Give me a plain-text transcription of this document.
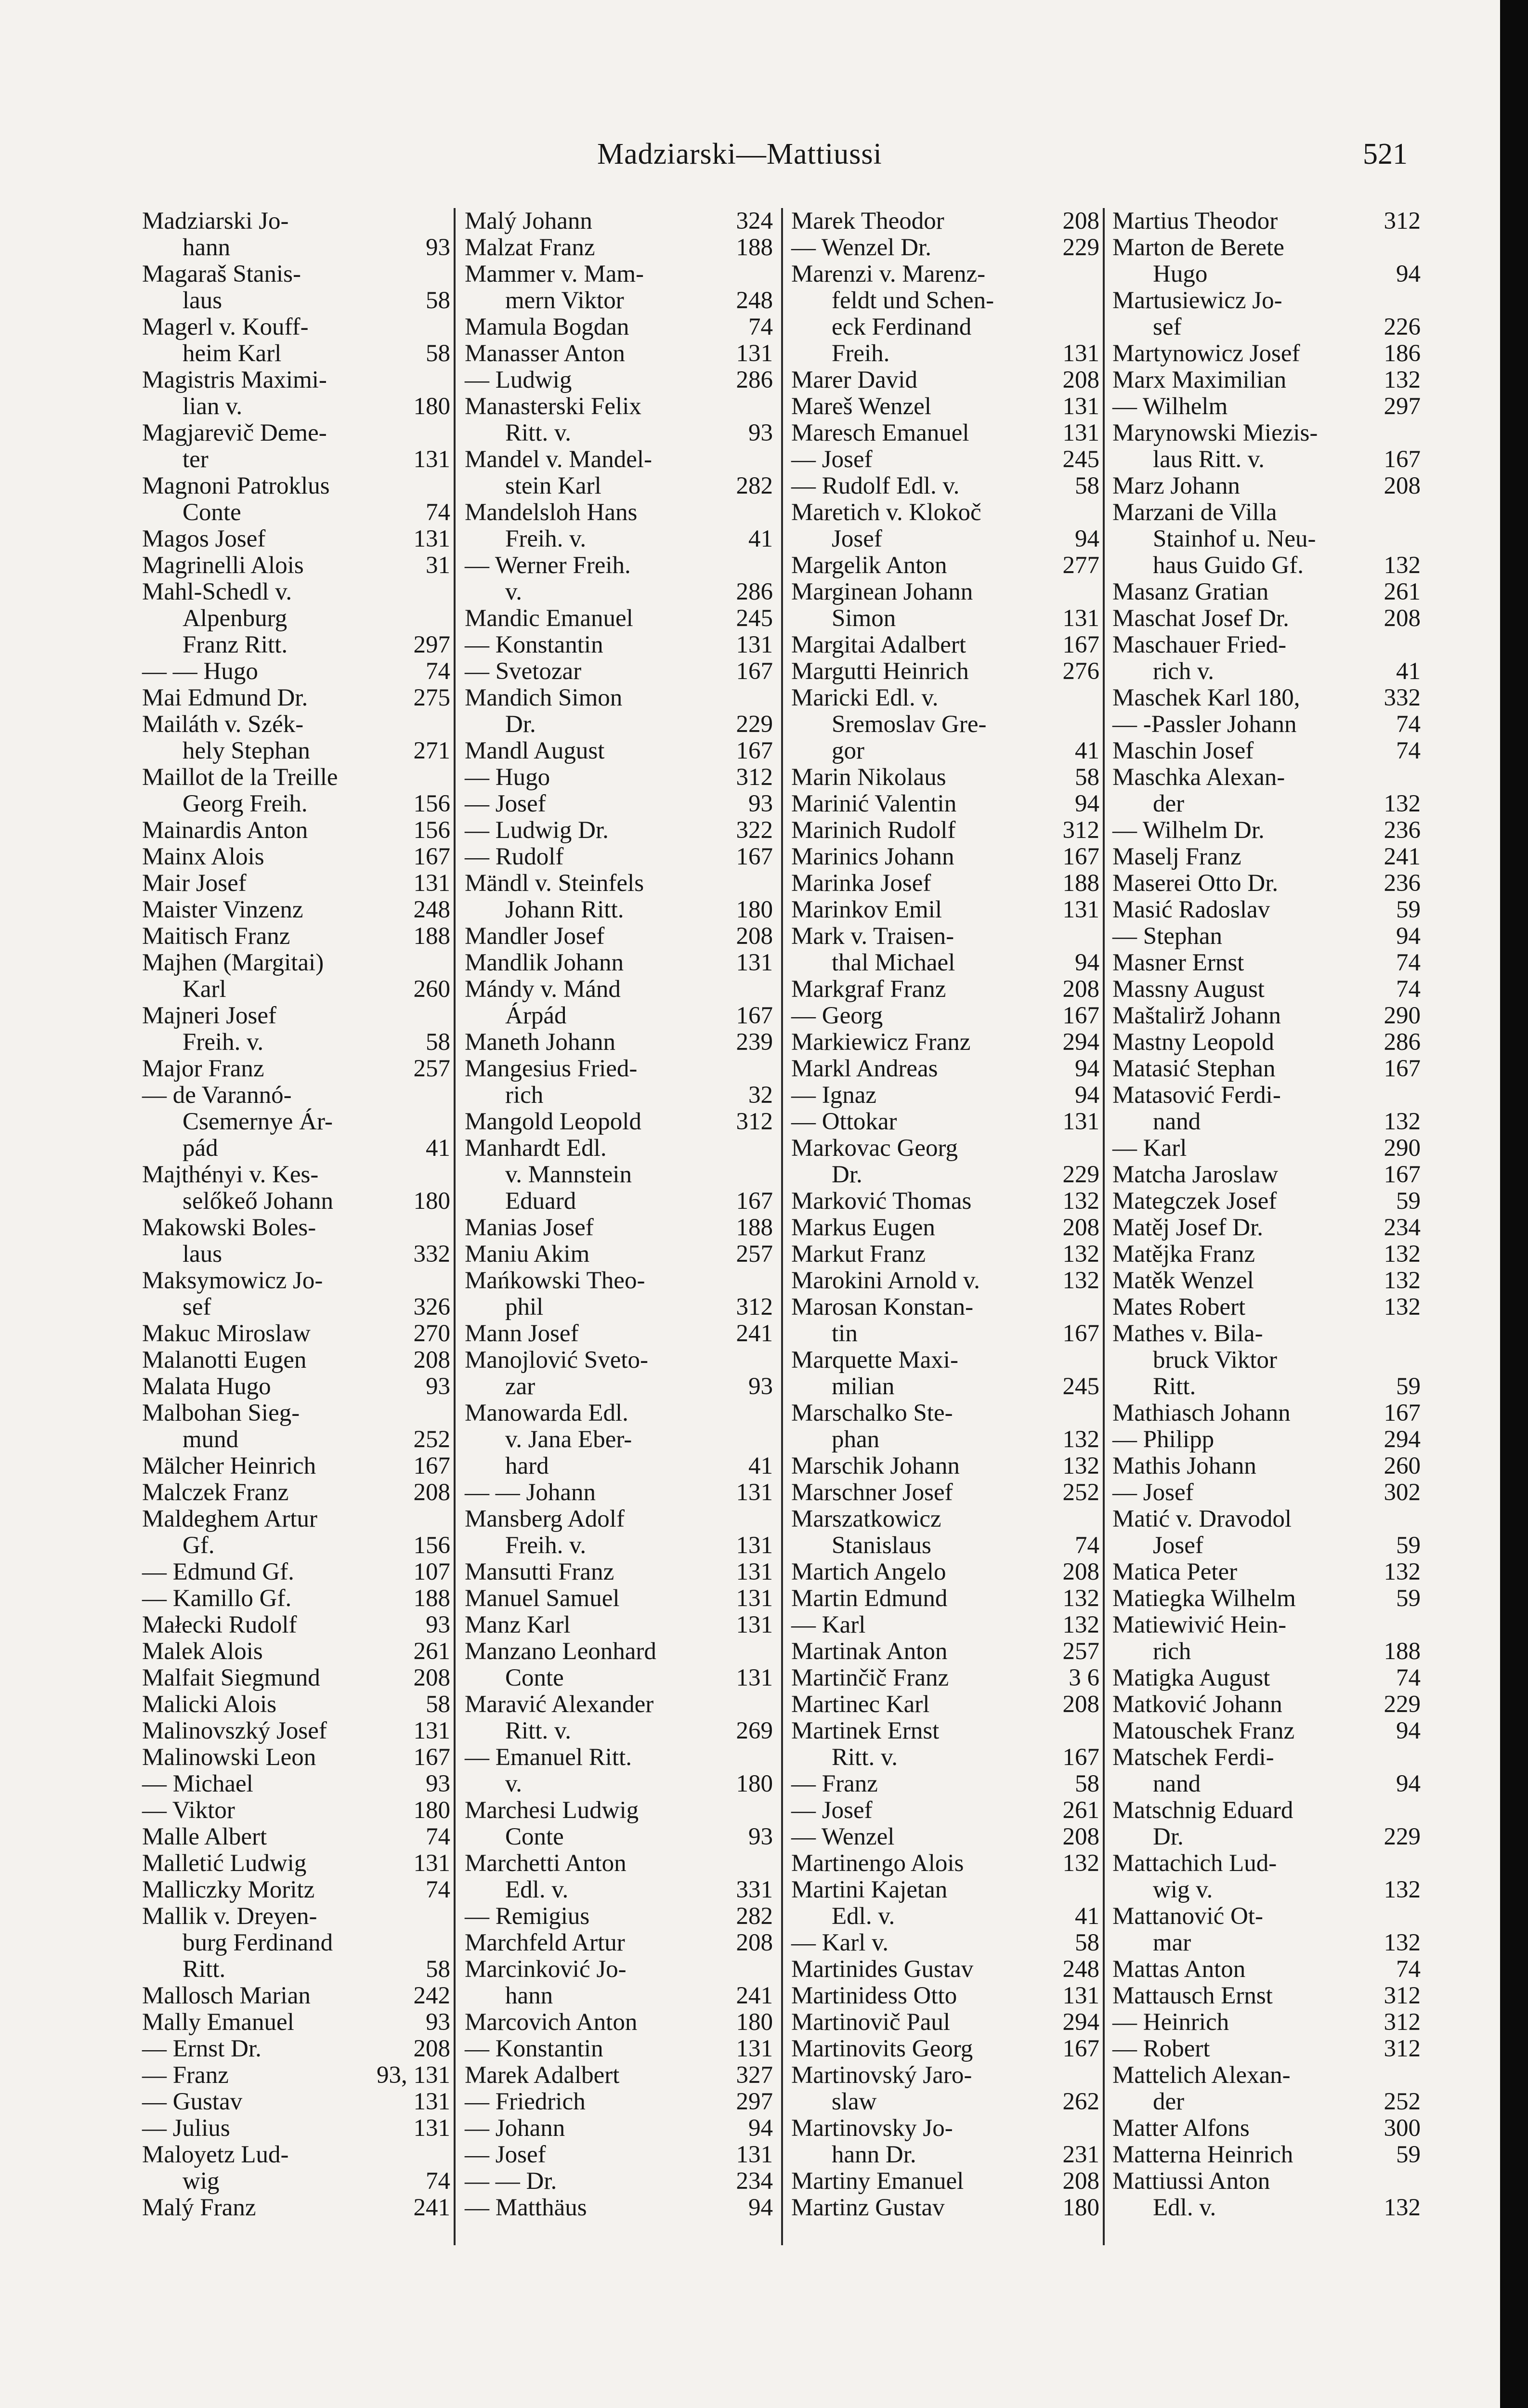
Madziarski—Mattiussi	521
Madziarski Jo-
hann	93
Magaraš Stanis-
laus	58
Magerl v. Kouff-
heim Karl	58
Magistris Maximi-
lian v.	180
Magjarevič Deme-
ter	131
Magnoni Patroklus
Conte	74
Magos Josef	131
Magrinelli Alois	31
Mahl-Schedl v.
Alpenburg
Franz Ritt.	297
— — Hugo	74
Mai Edmund Dr.	275
Mailáth v. Szék-
hely Stephan	271
Maillot de la Treille
Georg Freih.	156
Mainardis Anton	156
Mainx Alois	167
Mair Josef	131
Maister Vinzenz	248
Maitisch Franz	188
Majhen (Margitai)
Karl	260
Majneri Josef
Freih. v.	58
Major Franz	257
— de Varannó-
Csemernye Ár-
pád	41
Majthényi v. Kes-
selőkeő Johann	180
Makowski Boles-
laus	332
Maksymowicz Jo-
sef	326
Makuc Miroslaw	270
Malanotti Eugen	208
Malata Hugo	93
Malbohan Sieg-
mund	252
Mälcher Heinrich	167
Malczek Franz	208
Maldeghem Artur
Gf.	156
— Edmund Gf.	107
— Kamillo Gf.	188
Małecki Rudolf	93
Malek Alois	261
Malfait Siegmund	208
Malicki Alois	58
Malinovszký Josef	131
Malinowski Leon	167
— Michael	93
— Viktor	180
Malle Albert	74
Malletić Ludwig	131
Malliczky Moritz	74
Mallik v. Dreyen-
burg Ferdinand
Ritt.	58
Mallosch Marian	242
Mally Emanuel	93
— Ernst Dr.	208
— Franz	93, 131
— Gustav	131
— Julius	131
Maloyetz Lud-
wig	74
Malý Franz	241
Malý Johann	324
Malzat Franz	188
Mammer v. Mam-
mern Viktor	248
Mamula Bogdan	74
Manasser Anton	131
— Ludwig	286
Manasterski Felix
Ritt. v.	93
Mandel v. Mandel-
stein Karl	282
Mandelsloh Hans
Freih. v.	41
— Werner Freih.
v.	286
Mandic Emanuel	245
— Konstantin	131
— Svetozar	167
Mandich Simon
Dr.	229
Mandl August	167
— Hugo	312
— Josef	93
— Ludwig Dr.	322
— Rudolf	167
Mändl v. Steinfels
Johann Ritt.	180
Mandler Josef	208
Mandlik Johann	131
Mándy v. Mánd
Árpád	167
Maneth Johann	239
Mangesius Fried-
rich	32
Mangold Leopold	312
Manhardt Edl.
v. Mannstein
Eduard	167
Manias Josef	188
Maniu Akim	257
Mańkowski Theo-
phil	312
Mann Josef	241
Manojlović Sveto-
zar	93
Manowarda Edl.
v. Jana Eber-
hard	41
— — Johann	131
Mansberg Adolf
Freih. v.	131
Mansutti Franz	131
Manuel Samuel	131
Manz Karl	131
Manzano Leonhard
Conte	131
Maravić Alexander
Ritt. v.	269
— Emanuel Ritt.
v.	180
Marchesi Ludwig
Conte	93
Marchetti Anton
Edl. v.	331
— Remigius	282
Marchfeld Artur	208
Marcinković Jo-
hann	241
Marcovich Anton	180
— Konstantin	131
Marek Adalbert	327
— Friedrich	297
— Johann	94
— Josef	131
— — Dr.	234
— Matthäus	94
Marek Theodor	208
— Wenzel Dr.	229
Marenzi v. Marenz-
feldt und Schen-
eck Ferdinand
Freih.	131
Marer David	208
Mareš Wenzel	131
Maresch Emanuel	131
— Josef	245
— Rudolf Edl. v.	58
Maretich v. Klokoč
Josef	94
Margelik Anton	277
Marginean Johann
Simon	131
Margitai Adalbert	167
Margutti Heinrich	276
Maricki Edl. v.
Sremoslav Gre-
gor	41
Marin Nikolaus	58
Marinić Valentin	94
Marinich Rudolf	312
Marinics Johann	167
Marinka Josef	188
Marinkov Emil	131
Mark v. Traisen-
thal Michael	94
Markgraf Franz	208
— Georg	167
Markiewicz Franz	294
Markl Andreas	94
— Ignaz	94
— Ottokar	131
Markovac Georg
Dr.	229
Marković Thomas	132
Markus Eugen	208
Markut Franz	132
Marokini Arnold v.	132
Marosan Konstan-
tin	167
Marquette Maxi-
milian	245
Marschalko Ste-
phan	132
Marschik Johann	132
Marschner Josef	252
Marszatkowicz
Stanislaus	74
Martich Angelo	208
Martin Edmund	132
— Karl	132
Martinak Anton	257
Martinčič Franz	3 6
Martinec Karl	208
Martinek Ernst
Ritt. v.	167
— Franz	58
— Josef	261
— Wenzel	208
Martinengo Alois	132
Martini Kajetan
Edl. v.	41
— Karl v.	58
Martinides Gustav	248
Martinidess Otto	131
Martinovič Paul	294
Martinovits Georg	167
Martinovský Jaro-
slaw	262
Martinovsky Jo-
hann Dr.	231
Martiny Emanuel	208
Martinz Gustav	180
Martius Theodor	312
Marton de Berete
Hugo	94
Martusiewicz Jo-
sef	226
Martynowicz Josef	186
Marx Maximilian	132
— Wilhelm	297
Marynowski Miezis-
laus Ritt. v.	167
Marz Johann	208
Marzani de Villa
Stainhof u. Neu-
haus Guido Gf.	132
Masanz Gratian	261
Maschat Josef Dr.	208
Maschauer Fried-
rich v.	41
Maschek Karl 180,	332
— -Passler Johann	74
Maschin Josef	74
Maschka Alexan-
der	132
— Wilhelm Dr.	236
Maselj Franz	241
Maserei Otto Dr.	236
Masić Radoslav	59
— Stephan	94
Masner Ernst	74
Massny August	74
Maštalirž Johann	290
Mastny Leopold	286
Matasić Stephan	167
Matasović Ferdi-
nand	132
— Karl	290
Matcha Jaroslaw	167
Mategczek Josef	59
Matěj Josef Dr.	234
Matějka Franz	132
Matěk Wenzel	132
Mates Robert	132
Mathes v. Bila-
bruck Viktor
Ritt.	59
Mathiasch Johann	167
— Philipp	294
Mathis Johann	260
— Josef	302
Matić v. Dravodol
Josef	59
Matica Peter	132
Matiegka Wilhelm	59
Matiewivić Hein-
rich	188
Matigka August	74
Matković Johann	229
Matouschek Franz	94
Matschek Ferdi-
nand	94
Matschnig Eduard
Dr.	229
Mattachich Lud-
wig v.	132
Mattanović Ot-
mar	132
Mattas Anton	74
Mattausch Ernst	312
— Heinrich	312
— Robert	312
Mattelich Alexan-
der	252
Matter Alfons	300
Matterna Heinrich	59
Mattiussi Anton
Edl. v.	132
